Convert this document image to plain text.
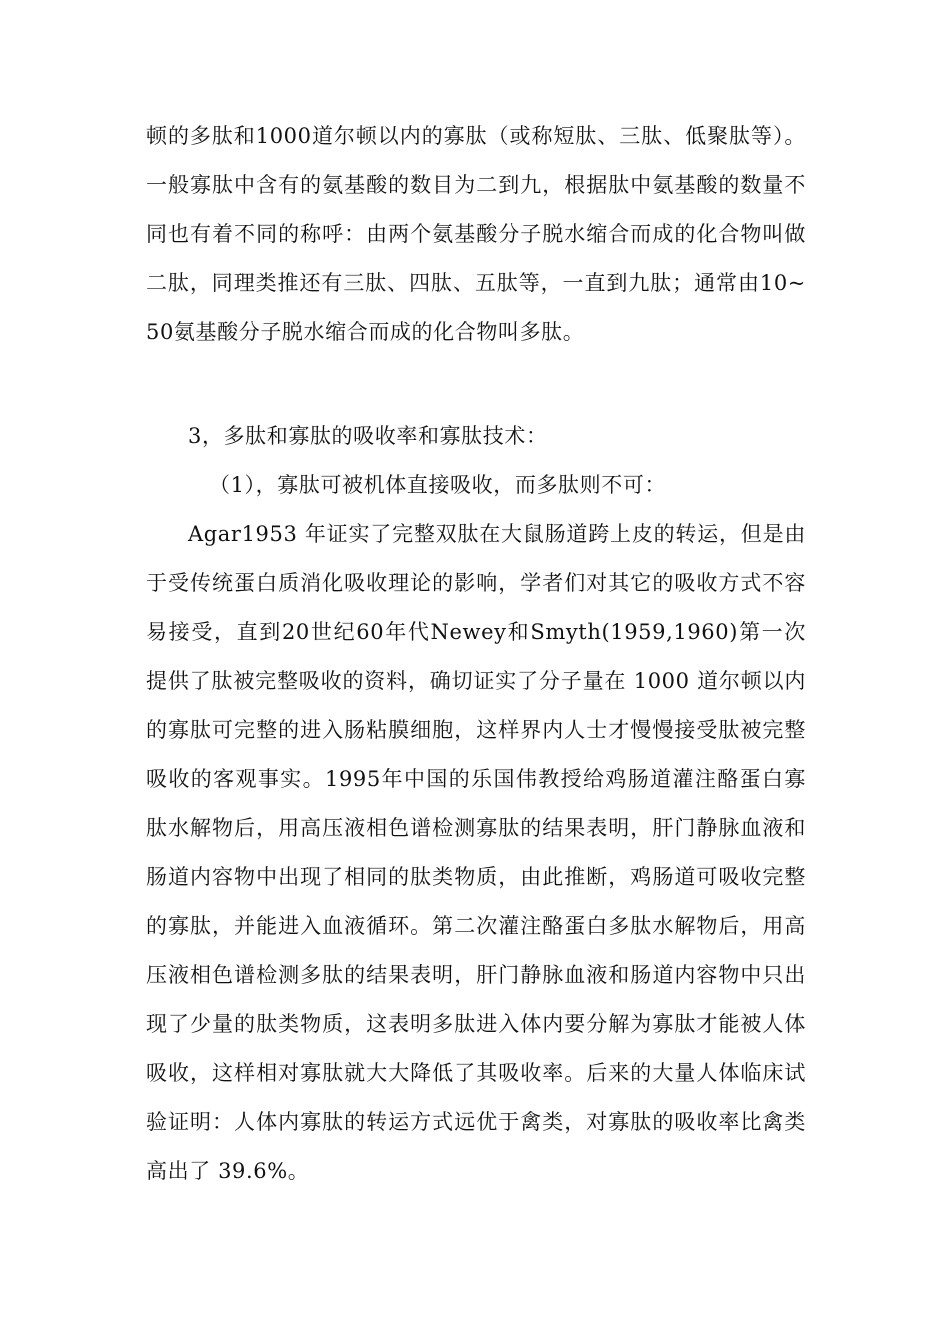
顿的多肽和1000道尔顿以内的寡肽（或称短肽、三肽、低聚肽等）。一般寡肽中含有的氨基酸的数目为二到九，根据肽中氨基酸的数量不同也有着不同的称呼：由两个氨基酸分子脱水缩合而成的化合物叫做二肽，同理类推还有三肽、四肽、五肽等，一直到九肽；通常由10~50氨基酸分子脱水缩合而成的化合物叫多肽。

3，多肽和寡肽的吸收率和寡肽技术：

（1），寡肽可被机体直接吸收，而多肽则不可：

Agar1953 年证实了完整双肽在大鼠肠道跨上皮的转运，但是由于受传统蛋白质消化吸收理论的影响，学者们对其它的吸收方式不容易接受，直到20世纪60年代Newey和Smyth(1959,1960)第一次提供了肽被完整吸收的资料，确切证实了分子量在 1000 道尔顿以内的寡肽可完整的进入肠粘膜细胞，这样界内人士才慢慢接受肽被完整吸收的客观事实。1995年中国的乐国伟教授给鸡肠道灌注酪蛋白寡肽水解物后，用高压液相色谱检测寡肽的结果表明，肝门静脉血液和肠道内容物中出现了相同的肽类物质，由此推断，鸡肠道可吸收完整的寡肽，并能进入血液循环。第二次灌注酪蛋白多肽水解物后，用高压液相色谱检测多肽的结果表明，肝门静脉血液和肠道内容物中只出现了少量的肽类物质，这表明多肽进入体内要分解为寡肽才能被人体吸收，这样相对寡肽就大大降低了其吸收率。后来的大量人体临床试验证明：人体内寡肽的转运方式远优于禽类，对寡肽的吸收率比禽类高出了 39.6%。
